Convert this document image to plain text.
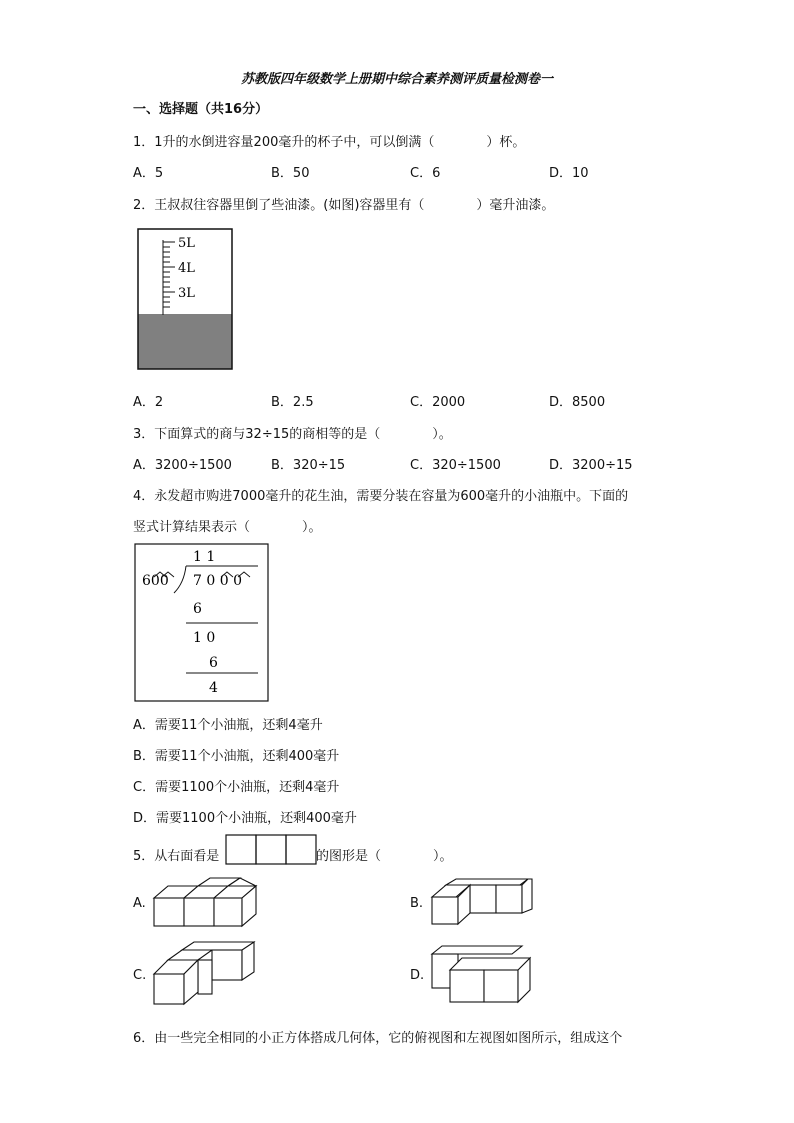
苏教版四年级数学上册期中综合素养测评质量检测卷一
一、选择题（共16分）
1．1升的水倒进容量200毫升的杯子中，可以倒满（　　　　）杯。
A．5	B．50	C．6	D．10
2．王叔叔往容器里倒了些油漆。(如图)容器里有（　　　　）毫升油漆。
5L
4L
3L
A．2	B．2.5	C．2000	D．8500
3．下面算式的商与32÷15的商相等的是（　　　　）。
A．3200÷1500	B．320÷15	C．320÷1500	D．3200÷15
4．永发超市购进7000毫升的花生油，需要分装在容量为600毫升的小油瓶中。下面的
竖式计算结果表示（　　　　）。
1 1
600 7 0 0 0
6
1 0
6
4
A．需要11个小油瓶，还剩4毫升
B．需要11个小油瓶，还剩400毫升
C．需要1100个小油瓶，还剩4毫升
D．需要1100个小油瓶，还剩400毫升
5．从右面看是	的图形是（　　　　）。
A.	B.
C.	D.
6．由一些完全相同的小正方体搭成几何体，它的俯视图和左视图如图所示，组成这个
